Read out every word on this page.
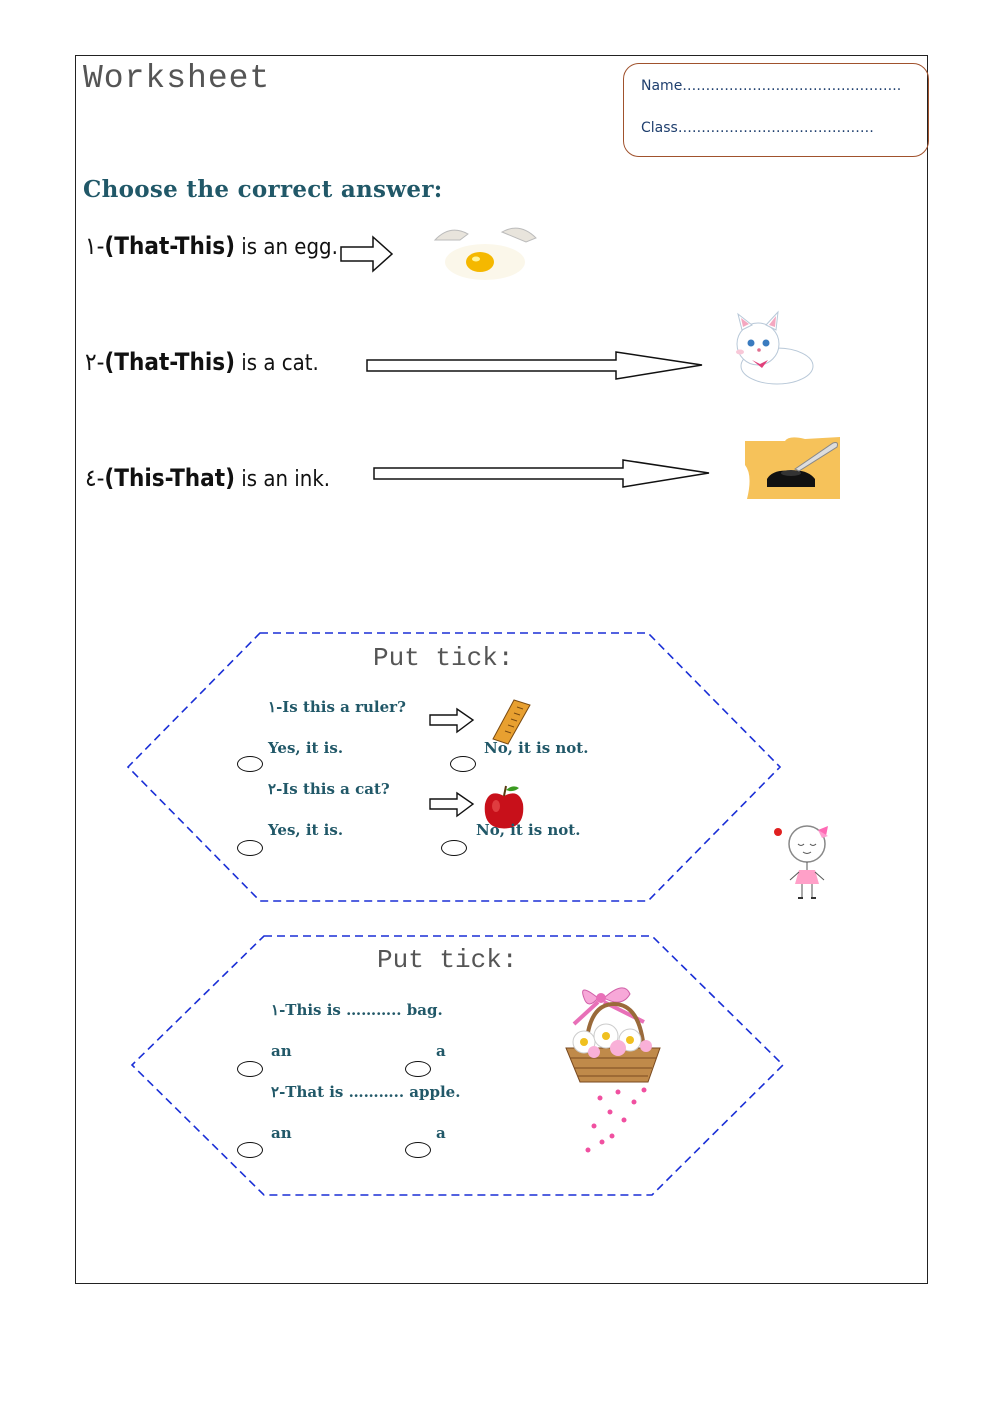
Worksheet	Name………………………………………..
Class……………………………………
Choose the correct answer:
١-(That-This) is an egg.
٢-(That-This) is a cat.
٤-(This-That) is an ink.
Put tick:
١-Is this a ruler?
Yes, it is.	No, it is not.
٢-Is this a cat?
Yes, it is.	No, it is not.
Put tick:
١-This is ……….. bag.
an	a
٢-That is ……….. apple.
an	a
